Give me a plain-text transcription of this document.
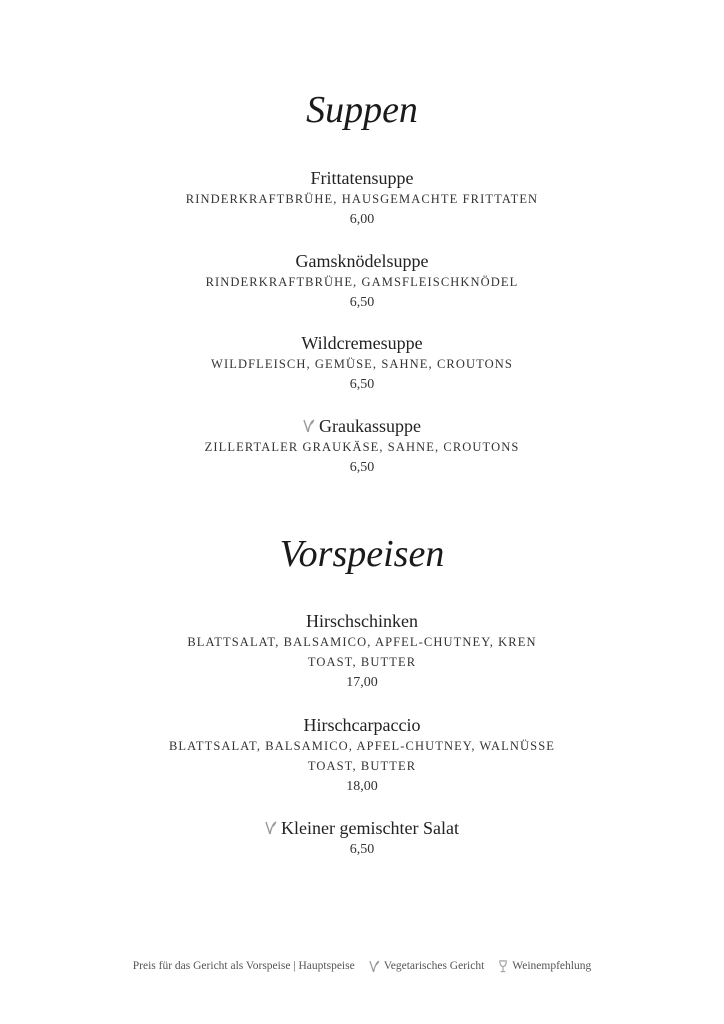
Suppen
Frittatensuppe
RINDERKRAFTBRÜHE, HAUSGEMACHTE FRITTATEN
6,00
Gamsknödelsuppe
RINDERKRAFTBRÜHE, GAMSFLEISCHKNÖDEL
6,50
Wildcremesuppe
WILDFLEISCH, GEMÜSE, SAHNE, CROUTONS
6,50
Graukassuppe
ZILLERTALER GRAUKÄSE, SAHNE, CROUTONS
6,50
Vorspeisen
Hirschschinken
BLATTSALAT, BALSAMICO, APFEL-CHUTNEY, KREN
TOAST, BUTTER
17,00
Hirschcarpaccio
BLATTSALAT, BALSAMICO, APFEL-CHUTNEY, WALNÜSSE
TOAST, BUTTER
18,00
Kleiner gemischter Salat
6,50
Preis für das Gericht als Vorspeise | Hauptspeise	Vegetarisches Gericht Weinempfehlung
